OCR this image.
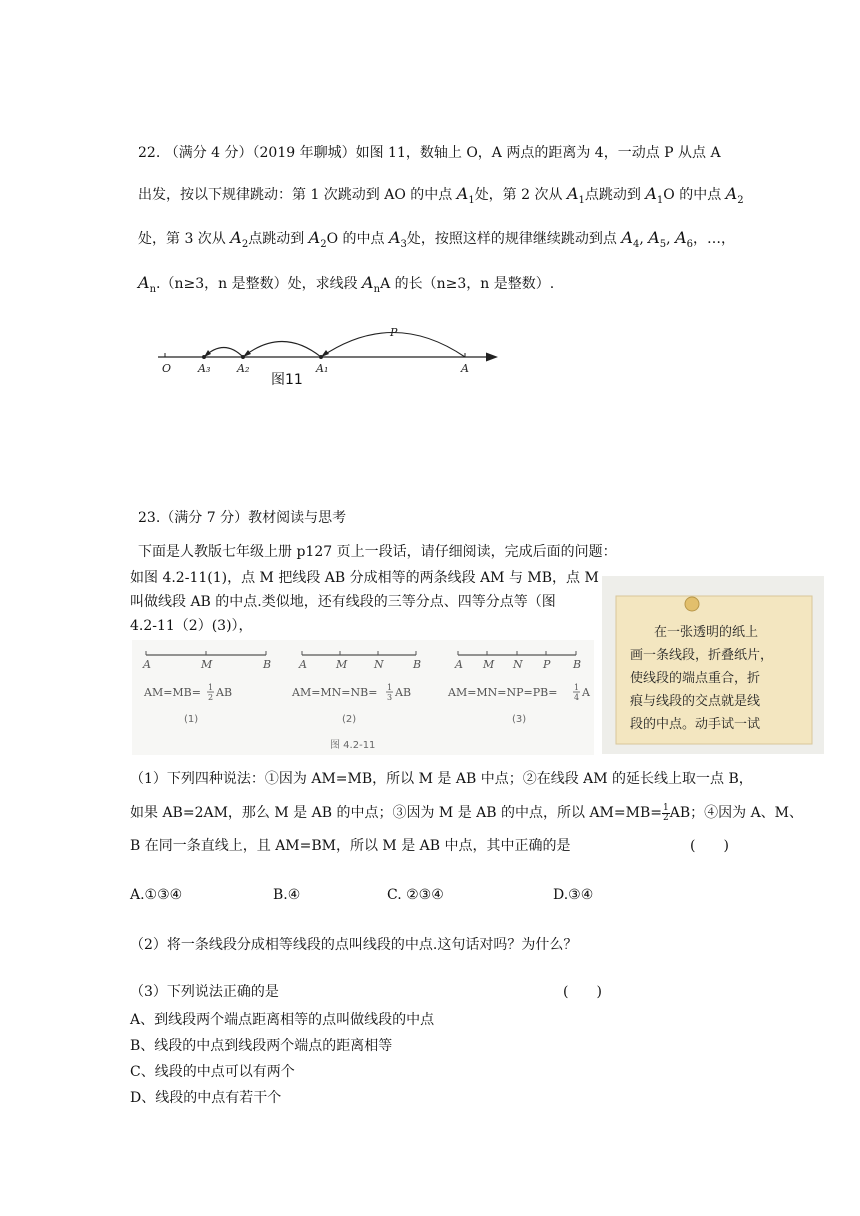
22. （满分 4 分）（2019 年聊城）如图 11，数轴上 O，A 两点的距离为 4，一动点 P 从点 A
出发，按以下规律跳动：第 1 次跳动到 AO 的中点 $A_1$处，第 2 次从 $A_1$点跳动到 $A_1O$ 的中点 $A_2$
处，第 3 次从 $A_2$点跳动到 $A_2O$ 的中点 $A_3$处，按照这样的规律继续跳动到点 $A_4$, $A_5$, $A_6$，…，
$A_n.(n\ge 3$，n 是整数）处，求线段 $A_nA$ 的长（n≥3，n 是整数）.
P
O A₃ A₂	A₁	A
图11
23.（满分 7 分）教材阅读与思考
下面是人教版七年级上册 p127 页上一段话，请仔细阅读，完成后面的问题：
如图 4.2-11(1)，点 M 把线段 AB 分成相等的两条线段 AM 与 MB，点 M
叫做线段 AB 的中点.类似地，还有线段的三等分点、四等分点等（图
4.2-11（2）(3)），
A	M	B
AM=MB= 1
2 AB
(1)
A	M N	B
AM=MN=NB= 1
3 AB
(2)
A M N P B
AM=MN=NP=PB= 1
4 A
(3)
图 4.2-11
在一张透明的纸上
画一条线段，折叠纸片，
使线段的端点重合，折
痕与线段的交点就是线
段的中点。动手试一试
（1）下列四种说法：①因为 AM=MB，所以 M 是 AB 中点；②在线段 AM 的延长线上取一点 B，
如果 AB=2AM，那么 M 是 AB 的中点；③因为 M 是 AB 的中点，所以 $AM=MB= \frac{1}{2}$ AB；④因为 A、M、
B 在同一条直线上，且 AM=BM，所以 M 是 AB 中点，其中正确的是	(　　)
A.①③④	B.④	C. ②③④	D.③④
（2）将一条线段分成相等线段的点叫线段的中点.这句话对吗？为什么？
（3）下列说法正确的是	(　　)
A、到线段两个端点距离相等的点叫做线段的中点
B、线段的中点到线段两个端点的距离相等
C、线段的中点可以有两个
D、线段的中点有若干个
